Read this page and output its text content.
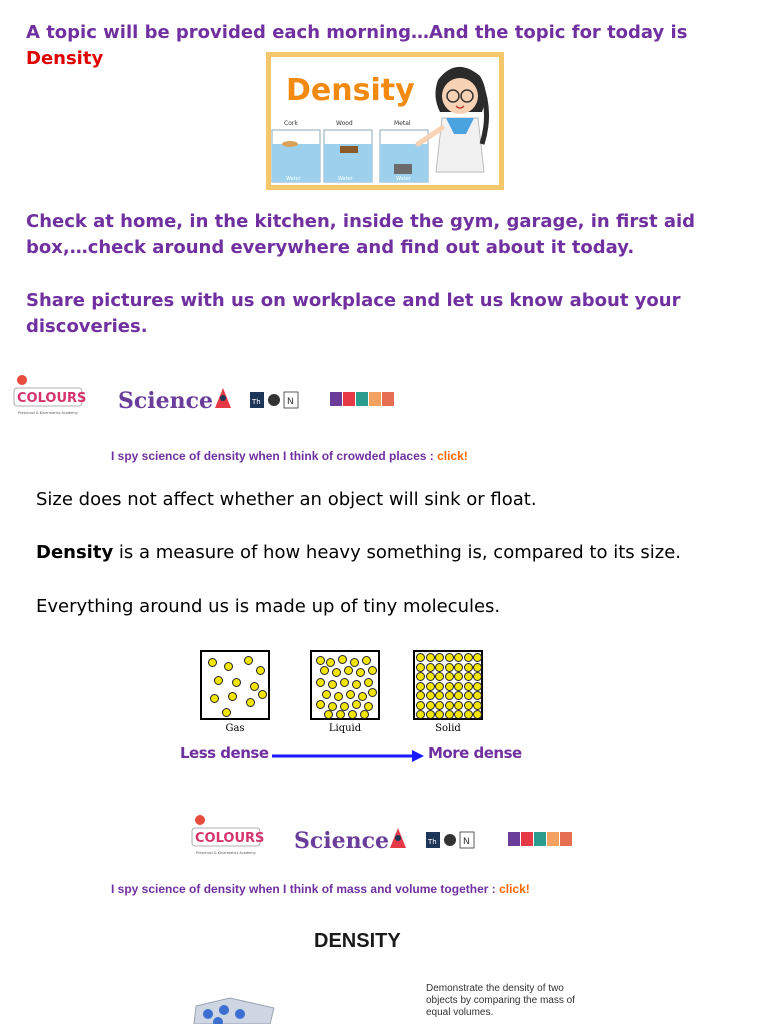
A topic will be provided each morning…And the topic for today is Density
Density
Cork
Water
Wood
Water
Metal
Water
Check at home, in the kitchen, inside the gym, garage, in first aid box,…check around everywhere and find out about it today.
Share pictures with us on workplace and let us know about your discoveries.
COLOURS
Preschool & Kinermatics Academy Science	Th	N
I spy science of density when I think of crowded places : click!
Size does not affect whether an object will sink or float.
Density is a measure of how heavy something is, compared to its size.
Everything around us is made up of tiny molecules.
Gas	Liquid	Solid
Less dense	More dense
COLOURS
Preschool & Kinermatics Academy Science	Th	N
I spy science of density when I think of mass and volume together : click!
DENSITY
Demonstrate the density of two objects by comparing the mass of equal volumes.
